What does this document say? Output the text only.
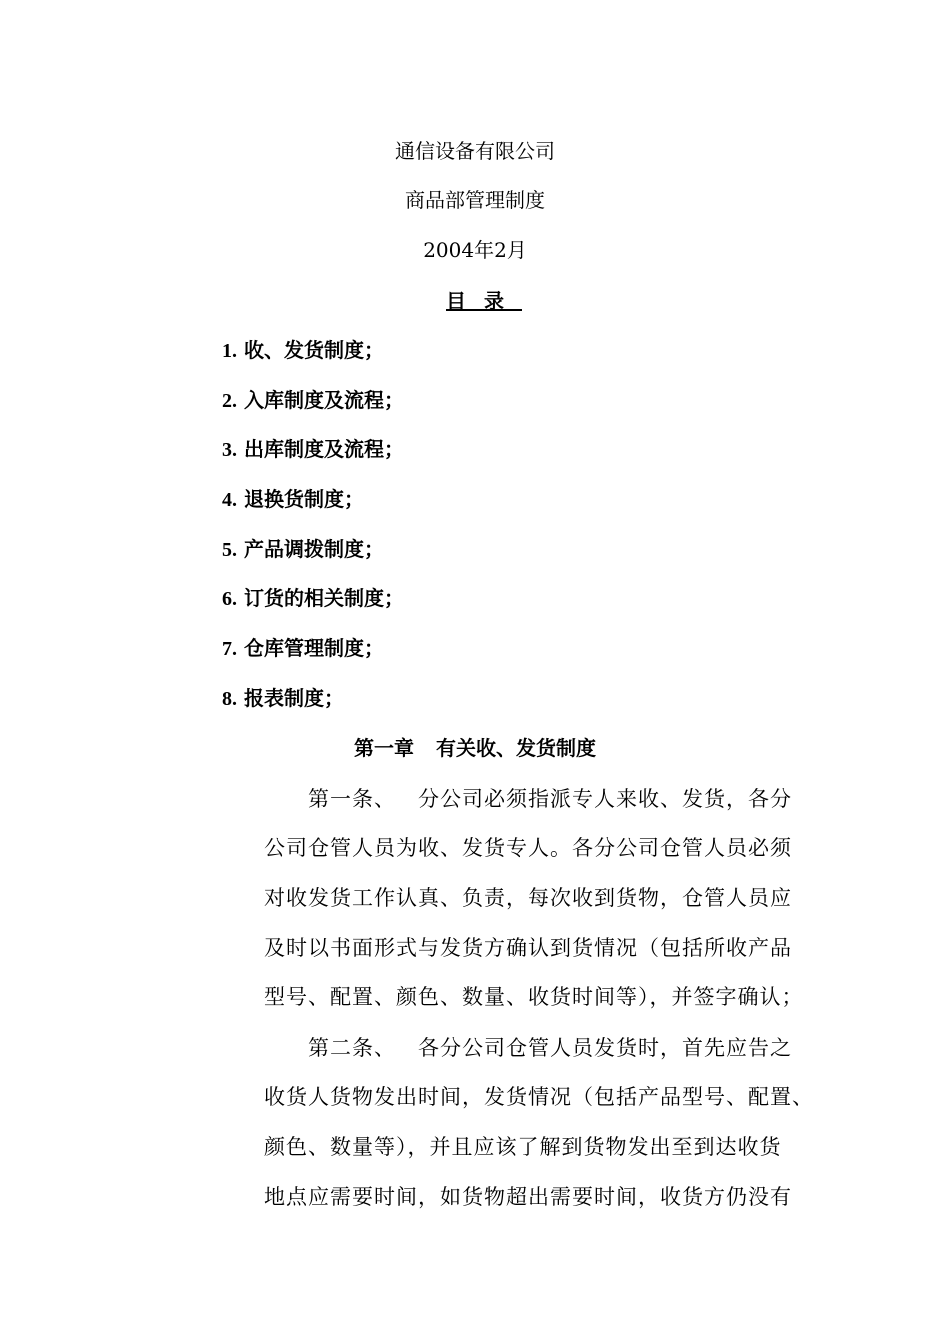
通信设备有限公司
商品部管理制度
2004年2月
目录
1. 收、发货制度；
2. 入库制度及流程；
3. 出库制度及流程；
4. 退换货制度；
5. 产品调拨制度；
6. 订货的相关制度；
7. 仓库管理制度；
8. 报表制度；
第一章 有关收、发货制度
第一条、 分公司必须指派专人来收、发货，各分
公司仓管人员为收、发货专人。各分公司仓管人员必须
对收发货工作认真、负责，每次收到货物，仓管人员应
及时以书面形式与发货方确认到货情况（包括所收产品
型号、配置、颜色、数量、收货时间等），并签字确认；
第二条、 各分公司仓管人员发货时，首先应告之
收货人货物发出时间，发货情况（包括产品型号、配置、
颜色、数量等），并且应该了解到货物发出至到达收货
地点应需要时间，如货物超出需要时间，收货方仍没有
